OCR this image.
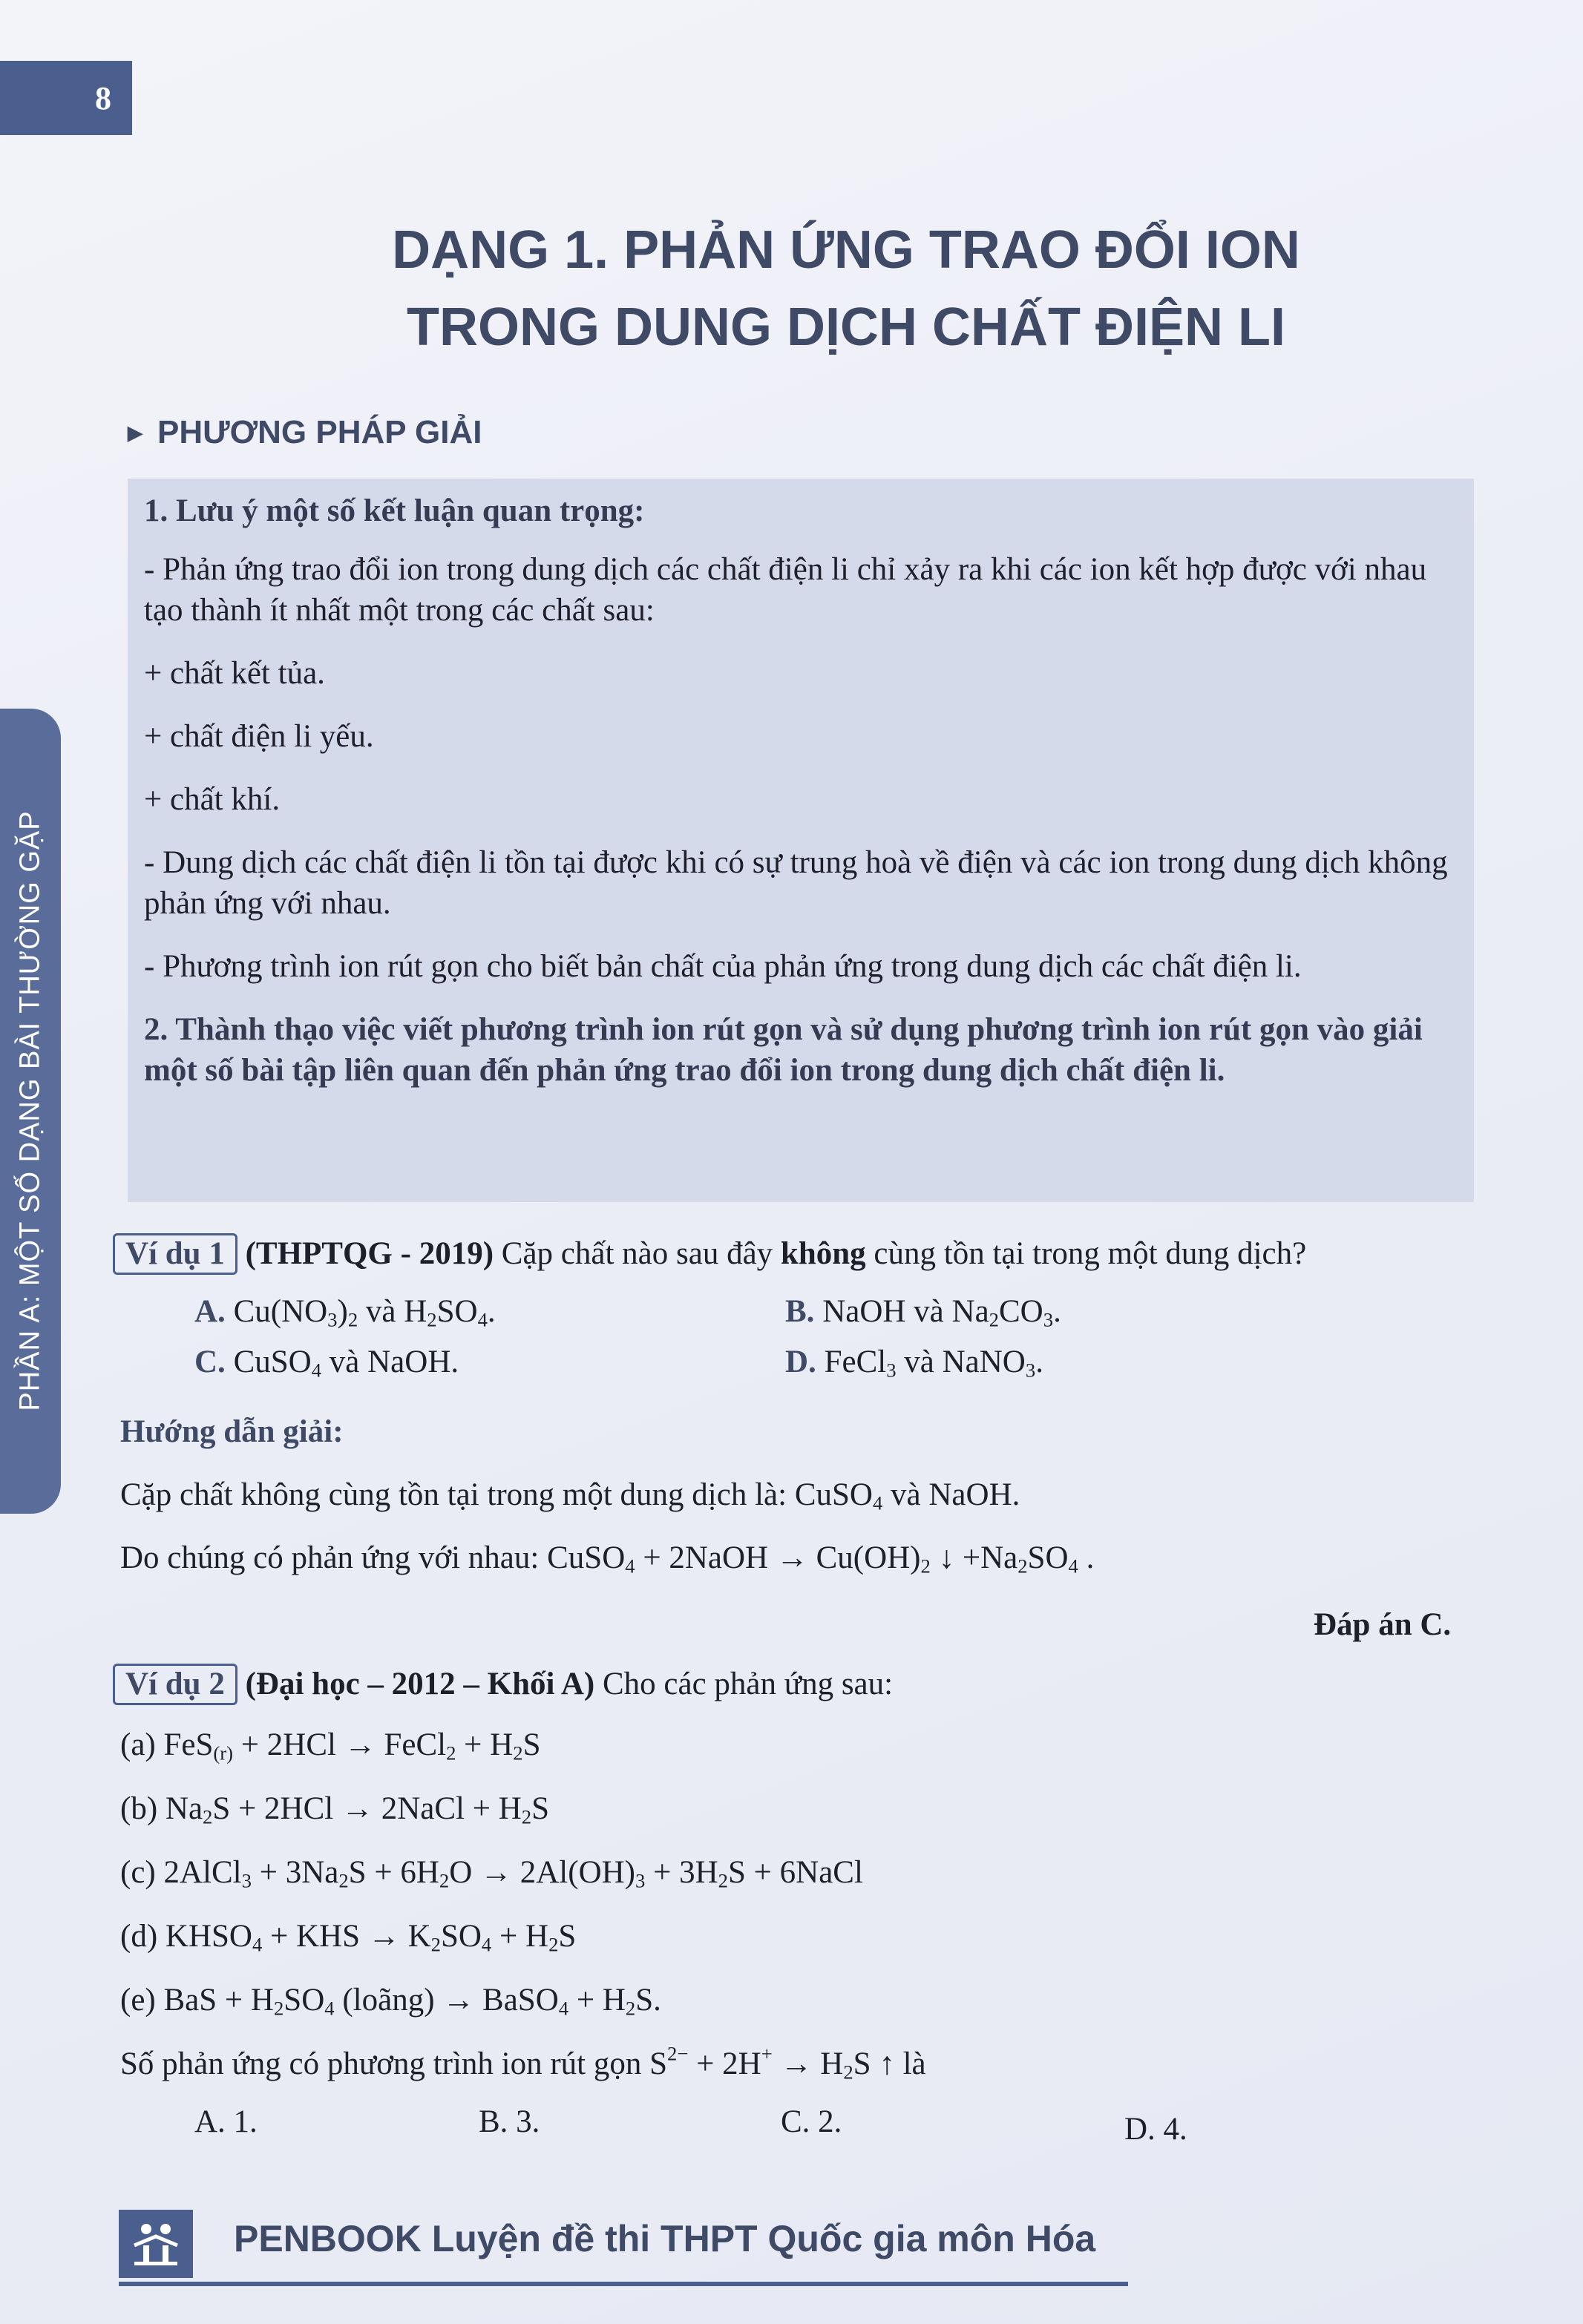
8
PHẦN A: MỘT SỐ DẠNG BÀI THƯỜNG GẶP
DẠNG 1. PHẢN ỨNG TRAO ĐỔI ION
TRONG DUNG DỊCH CHẤT ĐIỆN LI
▶ PHƯƠNG PHÁP GIẢI

1. Lưu ý một số kết luận quan trọng:

- Phản ứng trao đổi ion trong dung dịch các chất điện li chỉ xảy ra khi các ion kết hợp được với nhau tạo thành ít nhất một trong các chất sau:

+ chất kết tủa.

+ chất điện li yếu.

+ chất khí.

- Dung dịch các chất điện li tồn tại được khi có sự trung hoà về điện và các ion trong dung dịch không phản ứng với nhau.

- Phương trình ion rút gọn cho biết bản chất của phản ứng trong dung dịch các chất điện li.

2. Thành thạo việc viết phương trình ion rút gọn và sử dụng phương trình ion rút gọn vào giải một số bài tập liên quan đến phản ứng trao đổi ion trong dung dịch chất điện li.

Ví dụ 1 (THPTQG - 2019) Cặp chất nào sau đây không cùng tồn tại trong một dung dịch?
A. $Cu(NO_3)_2$ và $H_2SO_4$.	B. NaOH và $Na_2CO_3$.
C. CuSO$_4$ và NaOH.	D. FeCl$_3$ và NaNO$_3$.
Hướng dẫn giải:
Cặp chất không cùng tồn tại trong một dung dịch là: CuSO$_4$ và NaOH.
Do chúng có phản ứng với nhau: CuSO$_4$ + 2NaOH → $Cu(OH)_2$ ↓ $+Na_2SO_4$ .
Đáp án C.
Ví dụ 2 (Đại học – 2012 – Khối A) Cho các phản ứng sau:
(a) FeS$_{(r)}$ + 2HCl → FeCl$_2$ + $H_2S$
(b) $Na_2S + 2HCl$ → 2NaCl + $H_2S$
(c) 2AlCl$_3$ + $3Na_2S + 6H_2O \to 2Al(OH)_3 + 3H_2S$ + 6NaCl
(d) $KHSO_4$ + KHS → $K_2SO_4 + H_2S$
(e) BaS + $H_2SO_4$ (loãng) → BaSO$_4$ + $H_2S$.
Số phản ứng có phương trình ion rút gọn $S^{2-} + 2H^+ \to H_2S$ ↑ là
A. 1.	B. 3.	C. 2.	D. 4.
PENBOOK Luyện đề thi THPT Quốc gia môn Hóa
